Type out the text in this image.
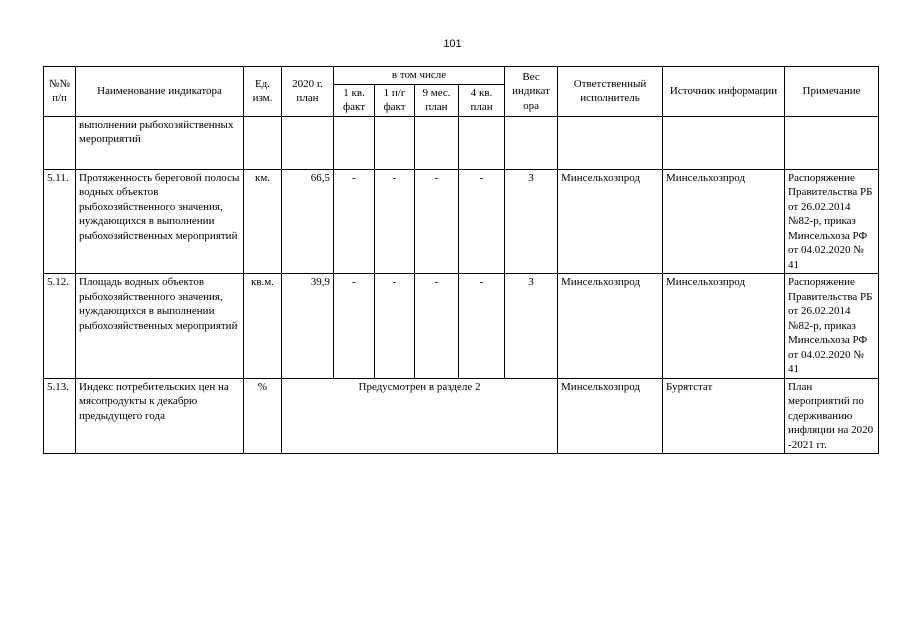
101
№№ п/п	Наименование индикатора	Ед. изм.	2020 г. план	в том числе				Вес индикат ора	Ответственный исполнитель	Источник информации	Примечание
				1 кв. факт	1 п/г факт	9 мес. план	4 кв. план				
	выполнении рыбохозяйственных мероприятий										
5.11.	Протяженность береговой полосы водных объектов рыбохозяйственного значения, нуждающихся в выполнении рыбохозяйственных мероприятий	км.	66,5	-	-	-	-	3	Минсельхозпрод	Минсельхозпрод	Распоряжение Правительства РБ от 26.02.2014 №82-р, приказ Минсельхоза РФ от 04.02.2020 № 41
5.12.	Площадь водных объектов рыбохозяйственного значения, нуждающихся в выполнении рыбохозяйственных мероприятий	кв.м.	39,9	-	-	-	-	3	Минсельхозпрод	Минсельхозпрод	Распоряжение Правительства РБ от 26.02.2014 №82-р, приказ Минсельхоза РФ от 04.02.2020 № 41
5.13.	Индекс потребительских цен на мясопродукты к декабрю предыдущего года	%	Предусмотрен в разделе 2						Минсельхозпрод	Бурятстат	План мероприятий по сдерживанию инфляции на 2020 -2021 гг.
